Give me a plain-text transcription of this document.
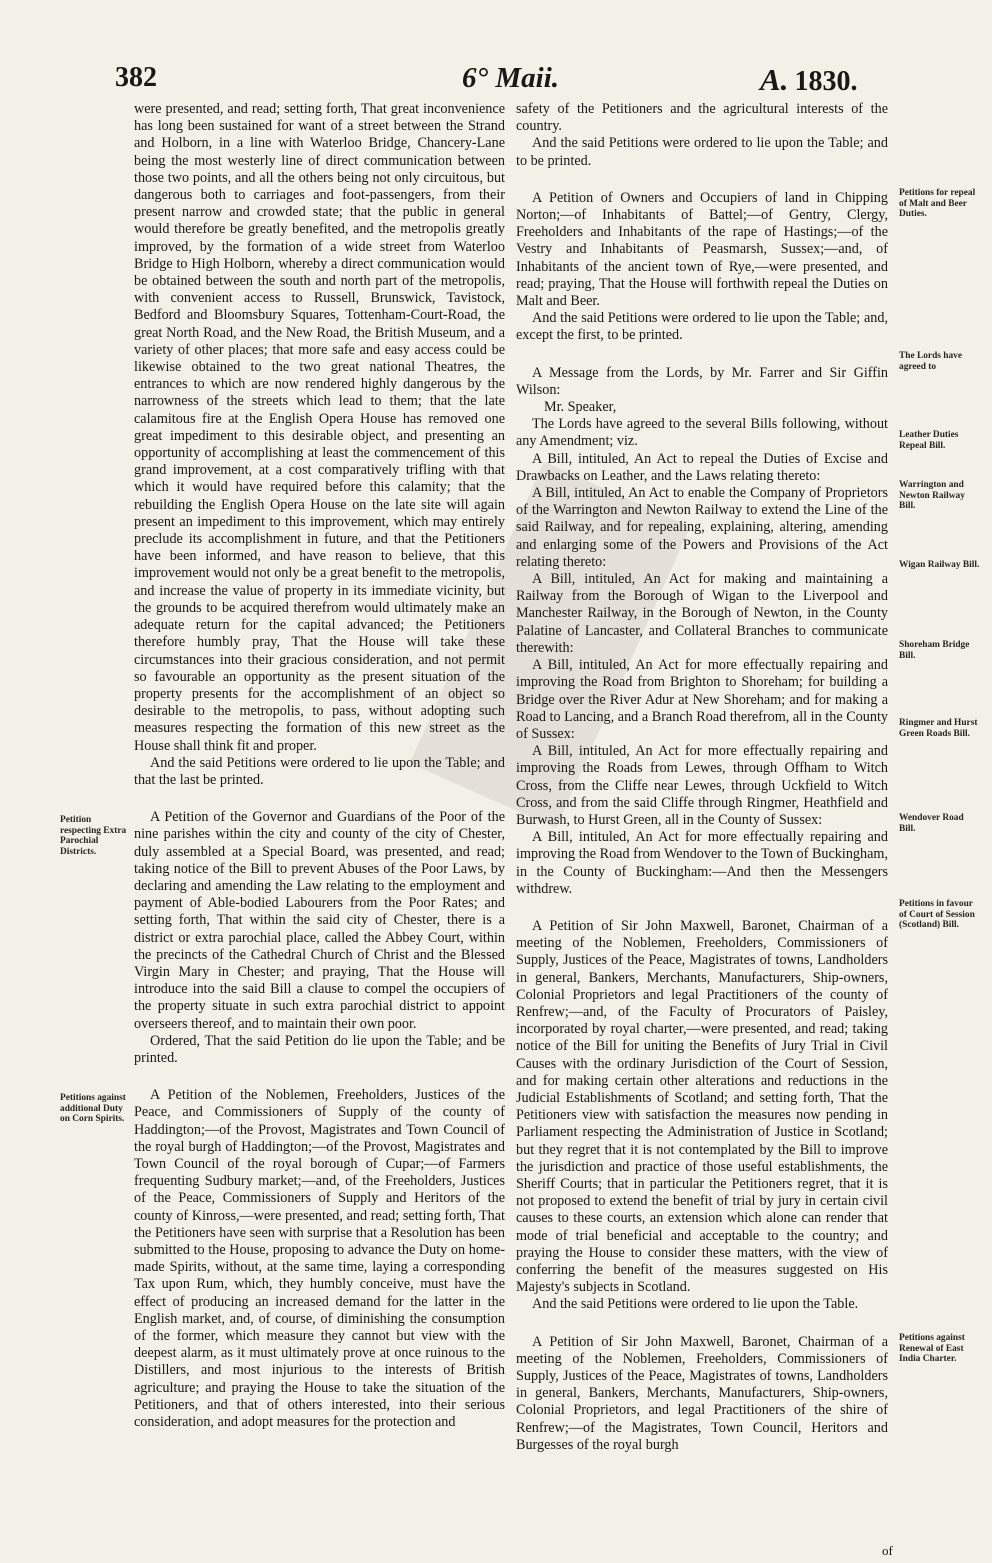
382	6° Maii.	A. 1830.

were presented, and read; setting forth, That great inconvenience has long been sustained for want of a street between the Strand and Holborn, in a line with Waterloo Bridge, Chancery-Lane being the most westerly line of direct communication between those two points, and all the others being not only circuitous, but dangerous both to carriages and foot-passengers, from their present narrow and crowded state; that the public in general would therefore be greatly benefited, and the metropolis greatly improved, by the formation of a wide street from Waterloo Bridge to High Holborn, whereby a direct communication would be obtained between the south and north part of the metropolis, with convenient access to Russell, Brunswick, Tavistock, Bedford and Bloomsbury Squares, Tottenham-Court-Road, the great North Road, and the New Road, the British Museum, and a variety of other places; that more safe and easy access could be likewise obtained to the two great national Theatres, the entrances to which are now rendered highly dangerous by the narrowness of the streets which lead to them; that the late calamitous fire at the English Opera House has removed one great impediment to this desirable object, and presenting an opportunity of accomplishing at least the commencement of this grand improvement, at a cost comparatively trifling with that which it would have required before this calamity; that the rebuilding the English Opera House on the late site will again present an impediment to this improvement, which may entirely preclude its accomplishment in future, and that the Petitioners have been informed, and have reason to believe, that this improvement would not only be a great benefit to the metropolis, and increase the value of property in its immediate vicinity, but the grounds to be acquired therefrom would ultimately make an adequate return for the capital advanced; the Petitioners therefore humbly pray, That the House will take these circumstances into their gracious consideration, and not permit so favourable an opportunity as the present situation of the property presents for the accomplishment of an object so desirable to the metropolis, to pass, without adopting such measures respecting the formation of this new street as the House shall think fit and proper.

And the said Petitions were ordered to lie upon the Table; and that the last be printed.

A Petition of the Governor and Guardians of the Poor of the nine parishes within the city and county of the city of Chester, duly assembled at a Special Board, was presented, and read; taking notice of the Bill to prevent Abuses of the Poor Laws, by declaring and amending the Law relating to the employment and payment of Able-bodied Labourers from the Poor Rates; and setting forth, That within the said city of Chester, there is a district or extra parochial place, called the Abbey Court, within the precincts of the Cathedral Church of Christ and the Blessed Virgin Mary in Chester; and praying, That the House will introduce into the said Bill a clause to compel the occupiers of the property situate in such extra parochial district to appoint overseers thereof, and to maintain their own poor.

Ordered, That the said Petition do lie upon the Table; and be printed.

A Petition of the Noblemen, Freeholders, Justices of the Peace, and Commissioners of Supply of the county of Haddington;—of the Provost, Magistrates and Town Council of the royal burgh of Haddington;—of the Provost, Magistrates and Town Council of the royal borough of Cupar;—of Farmers frequenting Sudbury market;—and, of the Freeholders, Justices of the Peace, Commissioners of Supply and Heritors of the county of Kinross,—were presented, and read; setting forth, That the Petitioners have seen with surprise that a Resolution has been submitted to the House, proposing to advance the Duty on home-made Spirits, without, at the same time, laying a corresponding Tax upon Rum, which, they humbly conceive, must have the effect of producing an increased demand for the latter in the English market, and, of course, of diminishing the consumption of the former, which measure they cannot but view with the deepest alarm, as it must ultimately prove at once ruinous to the Distillers, and most injurious to the interests of British agriculture; and praying the House to take the situation of the Petitioners, and that of others interested, into their serious consideration, and adopt measures for the protection and

safety of the Petitioners and the agricultural interests of the country.

And the said Petitions were ordered to lie upon the Table; and to be printed.

A Petition of Owners and Occupiers of land in Chipping Norton;—of Inhabitants of Battel;—of Gentry, Clergy, Freeholders and Inhabitants of the rape of Hastings;—of the Vestry and Inhabitants of Peasmarsh, Sussex;—and, of Inhabitants of the ancient town of Rye,—were presented, and read; praying, That the House will forthwith repeal the Duties on Malt and Beer.

And the said Petitions were ordered to lie upon the Table; and, except the first, to be printed.

A Message from the Lords, by Mr. Farrer and Sir Giffin Wilson:

Mr. Speaker,

The Lords have agreed to the several Bills following, without any Amendment; viz.

A Bill, intituled, An Act to repeal the Duties of Excise and Drawbacks on Leather, and the Laws relating thereto:

A Bill, intituled, An Act to enable the Company of Proprietors of the Warrington and Newton Railway to extend the Line of the said Railway, and for repealing, explaining, altering, amending and enlarging some of the Powers and Provisions of the Act relating thereto:

A Bill, intituled, An Act for making and maintaining a Railway from the Borough of Wigan to the Liverpool and Manchester Railway, in the Borough of Newton, in the County Palatine of Lancaster, and Collateral Branches to communicate therewith:

A Bill, intituled, An Act for more effectually repairing and improving the Road from Brighton to Shoreham; for building a Bridge over the River Adur at New Shoreham; and for making a Road to Lancing, and a Branch Road therefrom, all in the County of Sussex:

A Bill, intituled, An Act for more effectually repairing and improving the Roads from Lewes, through Offham to Witch Cross, from the Cliffe near Lewes, through Uckfield to Witch Cross, and from the said Cliffe through Ringmer, Heathfield and Burwash, to Hurst Green, all in the County of Sussex:

A Bill, intituled, An Act for more effectually repairing and improving the Road from Wendover to the Town of Buckingham, in the County of Buckingham:—And then the Messengers withdrew.

A Petition of Sir John Maxwell, Baronet, Chairman of a meeting of the Noblemen, Freeholders, Commissioners of Supply, Justices of the Peace, Magistrates of towns, Landholders in general, Bankers, Merchants, Manufacturers, Ship-owners, Colonial Proprietors and legal Practitioners of the county of Renfrew;—and, of the Faculty of Procurators of Paisley, incorporated by royal charter,—were presented, and read; taking notice of the Bill for uniting the Benefits of Jury Trial in Civil Causes with the ordinary Jurisdiction of the Court of Session, and for making certain other alterations and reductions in the Judicial Establishments of Scotland; and setting forth, That the Petitioners view with satisfaction the measures now pending in Parliament respecting the Administration of Justice in Scotland; but they regret that it is not contemplated by the Bill to improve the jurisdiction and practice of those useful establishments, the Sheriff Courts; that in particular the Petitioners regret, that it is not proposed to extend the benefit of trial by jury in certain civil causes to these courts, an extension which alone can render that mode of trial beneficial and acceptable to the country; and praying the House to consider these matters, with the view of conferring the benefit of the measures suggested on His Majesty's subjects in Scotland.

And the said Petitions were ordered to lie upon the Table.

A Petition of Sir John Maxwell, Baronet, Chairman of a meeting of the Noblemen, Freeholders, Commissioners of Supply, Justices of the Peace, Magistrates of towns, Landholders in general, Bankers, Merchants, Manufacturers, Ship-owners, Colonial Proprietors, and legal Practitioners of the shire of Renfrew;—of the Magistrates, Town Council, Heritors and Burgesses of the royal burgh

Petition respecting Extra Parochial Districts.
Petitions against additional Duty on Corn Spirits.
Petitions for repeal of Malt and Beer Duties.
The Lords have agreed to
Leather Duties Repeal Bill.
Warrington and Newton Railway Bill.
Wigan Railway Bill.
Shoreham Bridge Bill.
Ringmer and Hurst Green Roads Bill.
Wendover Road Bill.
Petitions in favour of Court of Session (Scotland) Bill.
Petitions against Renewal of East India Charter.
of
